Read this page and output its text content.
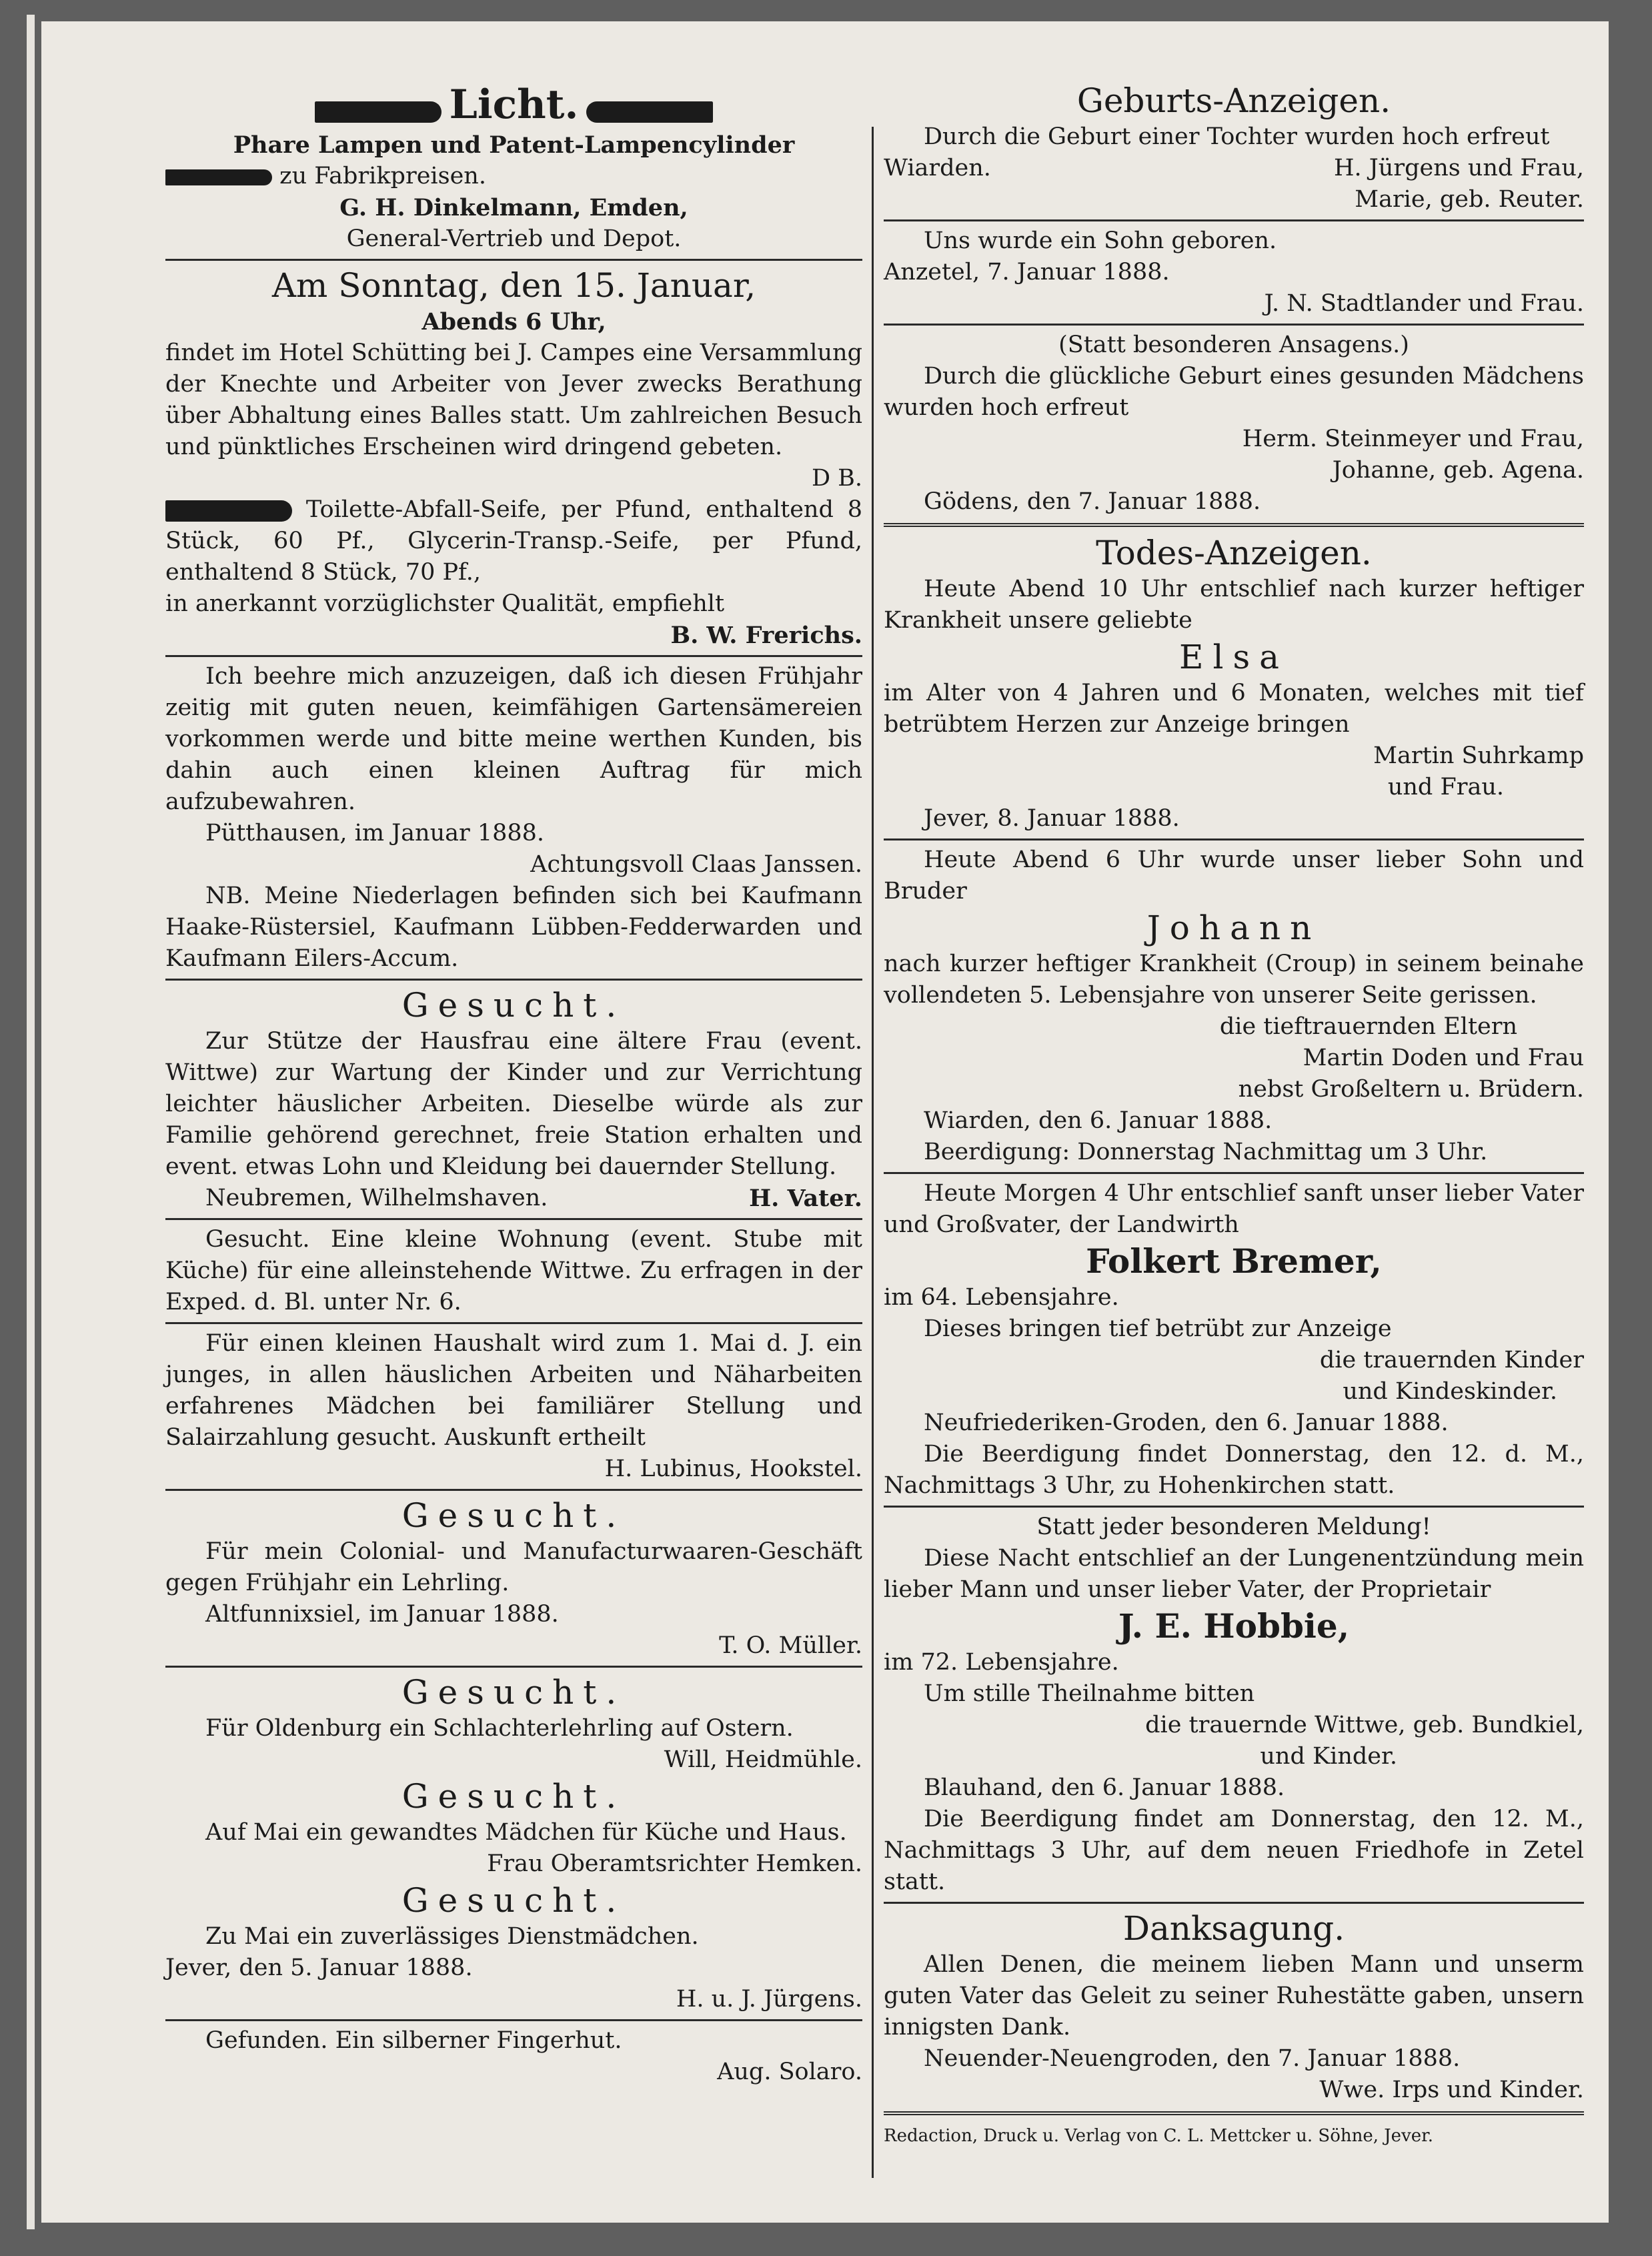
Licht.

Phare Lampen und Patent-Lampencylinder

zu Fabrikpreisen.

G. H. Dinkelmann, Emden,

General-Vertrieb und Depot.

Am Sonntag, den 15. Januar,

Abends 6 Uhr,

findet im Hotel Schütting bei J. Campes eine Versammlung der Knechte und Arbeiter von Jever zwecks Berathung über Abhaltung eines Balles statt. Um zahlreichen Besuch und pünktliches Erscheinen wird dringend gebeten.

D B.

Toilette-Abfall-Seife, per Pfund, enthaltend 8 Stück, 60 Pf., Glycerin-Transp.-Seife, per Pfund, enthaltend 8 Stück, 70 Pf.,

in anerkannt vorzüglichster Qualität, empfiehlt

B. W. Frerichs.

Ich beehre mich anzuzeigen, daß ich diesen Frühjahr zeitig mit guten neuen, keimfähigen Gartensämereien vorkommen werde und bitte meine werthen Kunden, bis dahin auch einen kleinen Auftrag für mich aufzubewahren.

Pütthausen, im Januar 1888.

Achtungsvoll Claas Janssen.

NB. Meine Niederlagen befinden sich bei Kaufmann Haake-Rüstersiel, Kaufmann Lübben-Fedderwarden und Kaufmann Eilers-Accum.

Gesucht.

Zur Stütze der Hausfrau eine ältere Frau (event. Wittwe) zur Wartung der Kinder und zur Verrichtung leichter häuslicher Arbeiten. Dieselbe würde als zur Familie gehörend gerechnet, freie Station erhalten und event. etwas Lohn und Kleidung bei dauernder Stellung.

Neubremen, Wilhelmshaven.	H. Vater.

Gesucht. Eine kleine Wohnung (event. Stube mit Küche) für eine alleinstehende Wittwe. Zu erfragen in der Exped. d. Bl. unter Nr. 6.

Für einen kleinen Haushalt wird zum 1. Mai d. J. ein junges, in allen häuslichen Arbeiten und Näharbeiten erfahrenes Mädchen bei familiärer Stellung und Salairzahlung gesucht. Auskunft ertheilt

H. Lubinus, Hookstel.

Gesucht.

Für mein Colonial- und Manufacturwaaren-Geschäft gegen Frühjahr ein Lehrling.

Altfunnixsiel, im Januar 1888.

T. O. Müller.

Gesucht.

Für Oldenburg ein Schlachterlehrling auf Ostern.

Will, Heidmühle.

Gesucht.

Auf Mai ein gewandtes Mädchen für Küche und Haus.

Frau Oberamtsrichter Hemken.

Gesucht.

Zu Mai ein zuverlässiges Dienstmädchen.

Jever, den 5. Januar 1888.

H. u. J. Jürgens.

Gefunden. Ein silberner Fingerhut.

Aug. Solaro.

Geburts-Anzeigen.

Durch die Geburt einer Tochter wurden hoch erfreut

Wiarden.	H. Jürgens und Frau,

Marie, geb. Reuter.

Uns wurde ein Sohn geboren.

Anzetel, 7. Januar 1888.

J. N. Stadtlander und Frau.

(Statt besonderen Ansagens.)

Durch die glückliche Geburt eines gesunden Mädchens wurden hoch erfreut

Herm. Steinmeyer und Frau,

Johanne, geb. Agena.

Gödens, den 7. Januar 1888.

Todes-Anzeigen.

Heute Abend 10 Uhr entschlief nach kurzer heftiger Krankheit unsere geliebte

Elsa

im Alter von 4 Jahren und 6 Monaten, welches mit tief betrübtem Herzen zur Anzeige bringen

Martin Suhrkamp

und Frau.

Jever, 8. Januar 1888.

Heute Abend 6 Uhr wurde unser lieber Sohn und Bruder

Johann

nach kurzer heftiger Krankheit (Croup) in seinem beinahe vollendeten 5. Lebensjahre von unserer Seite gerissen.

die tieftrauernden Eltern

Martin Doden und Frau

nebst Großeltern u. Brüdern.

Wiarden, den 6. Januar 1888.

Beerdigung: Donnerstag Nachmittag um 3 Uhr.

Heute Morgen 4 Uhr entschlief sanft unser lieber Vater und Großvater, der Landwirth

Folkert Bremer,

im 64. Lebensjahre.

Dieses bringen tief betrübt zur Anzeige

die trauernden Kinder

und Kindeskinder.

Neufriederiken-Groden, den 6. Januar 1888.

Die Beerdigung findet Donnerstag, den 12. d. M., Nachmittags 3 Uhr, zu Hohenkirchen statt.

Statt jeder besonderen Meldung!

Diese Nacht entschlief an der Lungenentzündung mein lieber Mann und unser lieber Vater, der Proprietair

J. E. Hobbie,

im 72. Lebensjahre.

Um stille Theilnahme bitten

die trauernde Wittwe, geb. Bundkiel,

und Kinder.

Blauhand, den 6. Januar 1888.

Die Beerdigung findet am Donnerstag, den 12. M., Nachmittags 3 Uhr, auf dem neuen Friedhofe in Zetel statt.

Danksagung.

Allen Denen, die meinem lieben Mann und unserm guten Vater das Geleit zu seiner Ruhestätte gaben, unsern innigsten Dank.

Neuender-Neuengroden, den 7. Januar 1888.

Wwe. Irps und Kinder.

Redaction, Druck u. Verlag von C. L. Mettcker u. Söhne, Jever.
